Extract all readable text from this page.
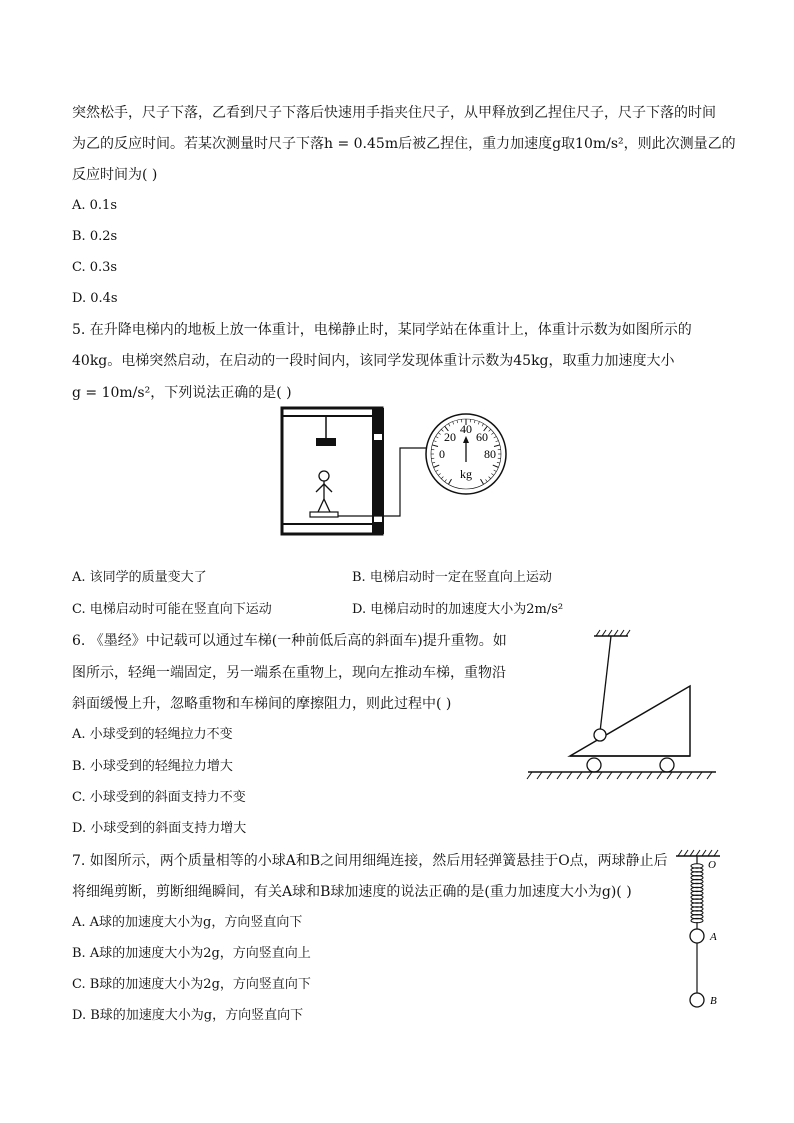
突然松手，尺子下落，乙看到尺子下落后快速用手指夹住尺子，从甲释放到乙捏住尺子，尺子下落的时间
为乙的反应时间。若某次测量时尺子下落h = 0.45m后被乙捏住，重力加速度g取10m/s²，则此次测量乙的
反应时间为( )
A. 0.1s
B. 0.2s
C. 0.3s
D. 0.4s
5. 在升降电梯内的地板上放一体重计，电梯静止时，某同学站在体重计上，体重计示数为如图所示的
40kg。电梯突然启动，在启动的一段时间内，该同学发现体重计示数为45kg，取重力加速度大小
g = 10m/s²，下列说法正确的是( )
0
20
40
60
80
kg
A. 该同学的质量变大了	B. 电梯启动时一定在竖直向上运动
C. 电梯启动时可能在竖直向下运动	D. 电梯启动时的加速度大小为2m/s²
6. 《墨经》中记载可以通过车梯(一种前低后高的斜面车)提升重物。如
图所示，轻绳一端固定，另一端系在重物上，现向左推动车梯，重物沿
斜面缓慢上升，忽略重物和车梯间的摩擦阻力，则此过程中( )
A. 小球受到的轻绳拉力不变
B. 小球受到的轻绳拉力增大
C. 小球受到的斜面支持力不变
D. 小球受到的斜面支持力增大
7. 如图所示，两个质量相等的小球A和B之间用细绳连接，然后用轻弹簧悬挂于O点，两球静止后
将细绳剪断，剪断细绳瞬间，有关A球和B球加速度的说法正确的是(重力加速度大小为g)( )
A. A球的加速度大小为g，方向竖直向下
B. A球的加速度大小为2g，方向竖直向上
C. B球的加速度大小为2g，方向竖直向下
D. B球的加速度大小为g，方向竖直向下
O
A
B
